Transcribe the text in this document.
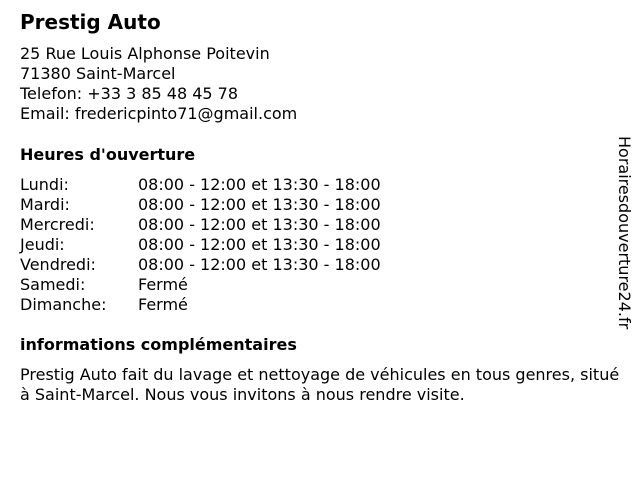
Prestig Auto
25 Rue Louis Alphonse Poitevin
71380 Saint-Marcel
Telefon: +33 3 85 48 45 78
Email: fredericpinto71@gmail.com
Heures d'ouverture
Lundi:	08:00 - 12:00 et 13:30 - 18:00
Mardi:	08:00 - 12:00 et 13:30 - 18:00
Mercredi:	08:00 - 12:00 et 13:30 - 18:00
Jeudi:	08:00 - 12:00 et 13:30 - 18:00
Vendredi:	08:00 - 12:00 et 13:30 - 18:00
Samedi:	Fermé
Dimanche:	Fermé
informations complémentaires

Prestig Auto fait du lavage et nettoyage de véhicules en tous genres, situé à Saint-Marcel. Nous vous invitons à nous rendre visite.

Horairesdouverture24.fr
